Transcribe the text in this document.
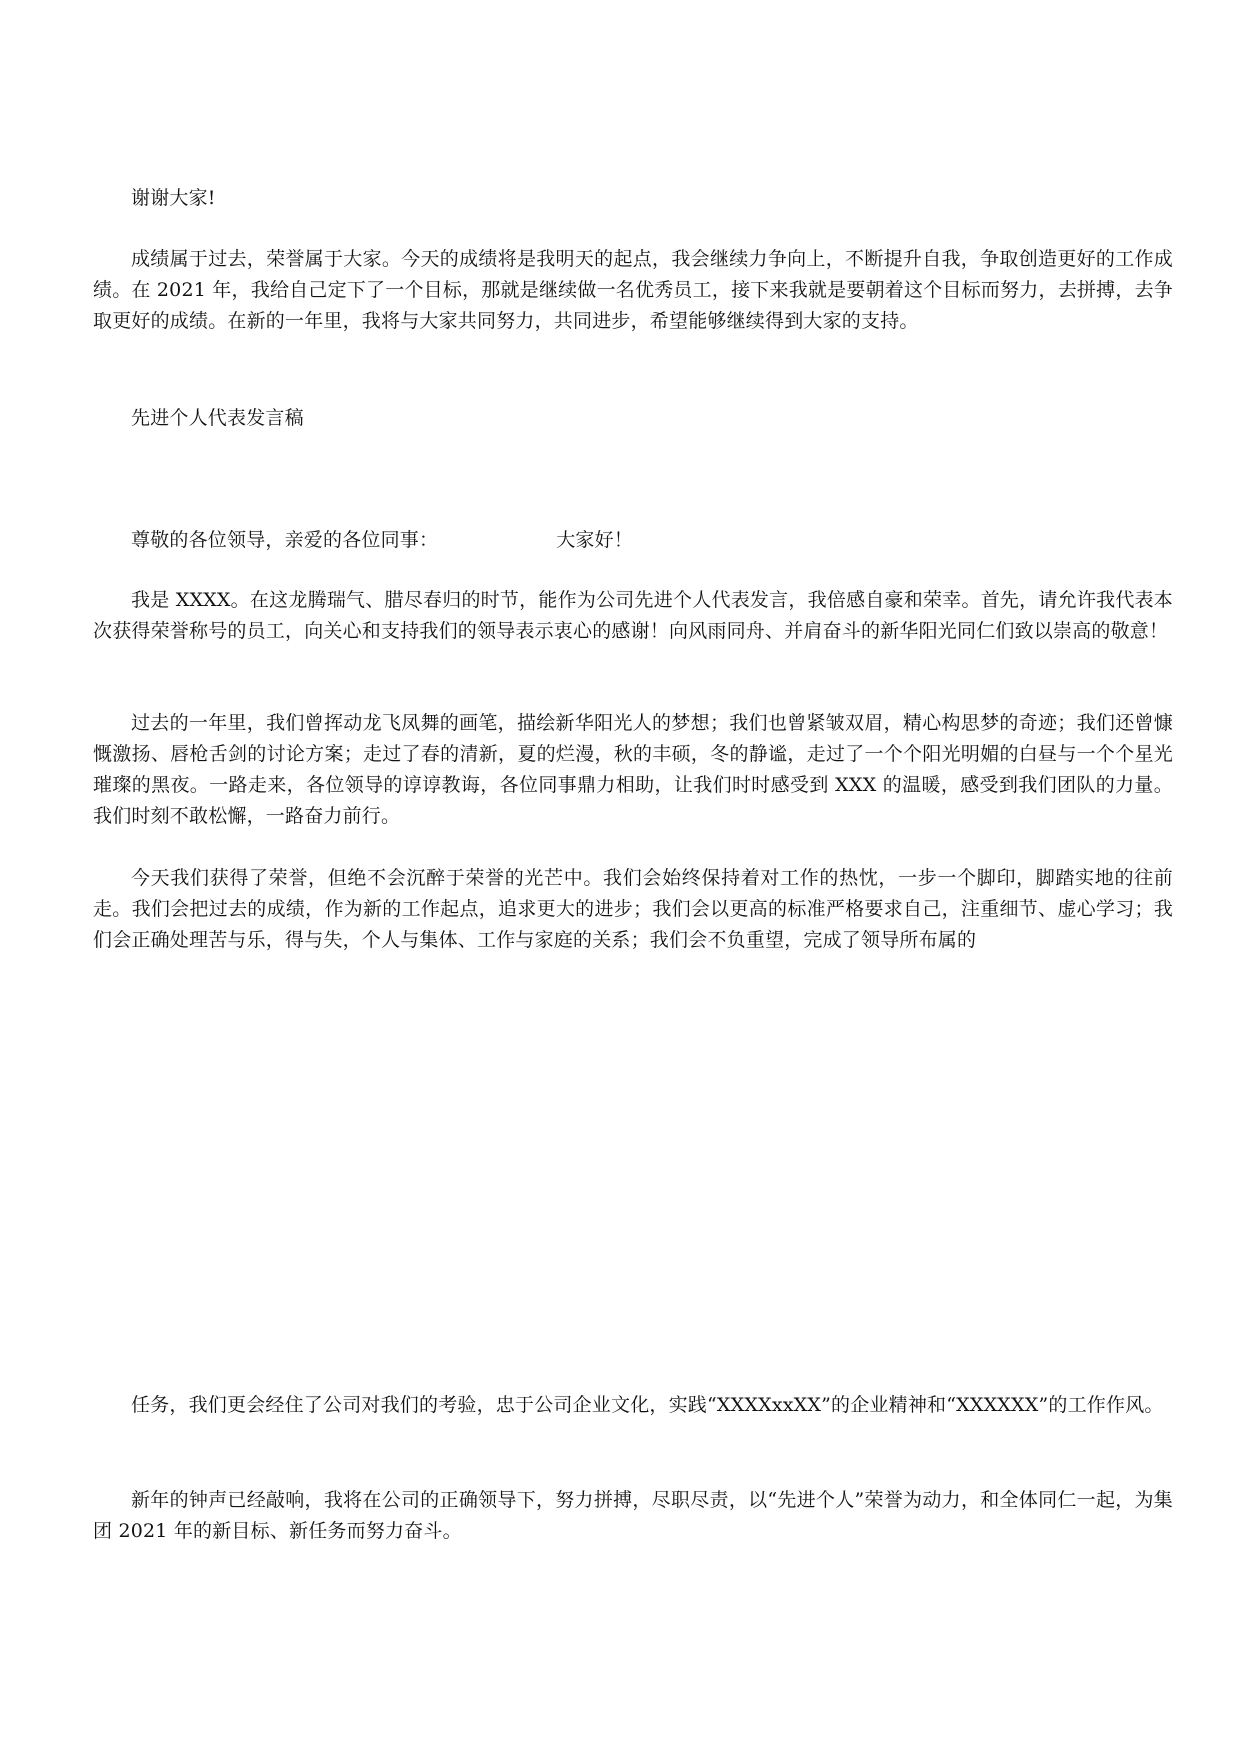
谢谢大家!

成绩属于过去，荣誉属于大家。今天的成绩将是我明天的起点，我会继续力争向上，不断提升自我，争取创造更好的工作成绩。在 2021 年，我给自己定下了一个目标，那就是继续做一名优秀员工，接下来我就是要朝着这个目标而努力，去拼搏，去争取更好的成绩。在新的一年里，我将与大家共同努力，共同进步，希望能够继续得到大家的支持。

先进个人代表发言稿

尊敬的各位领导，亲爱的各位同事：	大家好！

我是 XXXX。在这龙腾瑞气、腊尽春归的时节，能作为公司先进个人代表发言，我倍感自豪和荣幸。首先，请允许我代表本次获得荣誉称号的员工，向关心和支持我们的领导表示衷心的感谢！向风雨同舟、并肩奋斗的新华阳光同仁们致以崇高的敬意！

过去的一年里，我们曾挥动龙飞凤舞的画笔，描绘新华阳光人的梦想；我们也曾紧皱双眉，精心构思梦的奇迹；我们还曾慷慨激扬、唇枪舌剑的讨论方案；走过了春的清新，夏的烂漫，秋的丰硕，冬的静谧，走过了一个个阳光明媚的白昼与一个个星光璀璨的黑夜。一路走来，各位领导的谆谆教诲，各位同事鼎力相助，让我们时时感受到 XXX 的温暖，感受到我们团队的力量。我们时刻不敢松懈，一路奋力前行。

今天我们获得了荣誉，但绝不会沉醉于荣誉的光芒中。我们会始终保持着对工作的热忱，一步一个脚印，脚踏实地的往前走。我们会把过去的成绩，作为新的工作起点，追求更大的进步；我们会以更高的标准严格要求自己，注重细节、虚心学习；我们会正确处理苦与乐，得与失，个人与集体、工作与家庭的关系；我们会不负重望，完成了领导所布属的

任务，我们更会经住了公司对我们的考验，忠于公司企业文化，实践“XXXXxxXX”的企业精神和“XXXXXX”的工作作风。

新年的钟声已经敲响，我将在公司的正确领导下，努力拼搏，尽职尽责，以“先进个人”荣誉为动力，和全体同仁一起，为集团 2021 年的新目标、新任务而努力奋斗。
